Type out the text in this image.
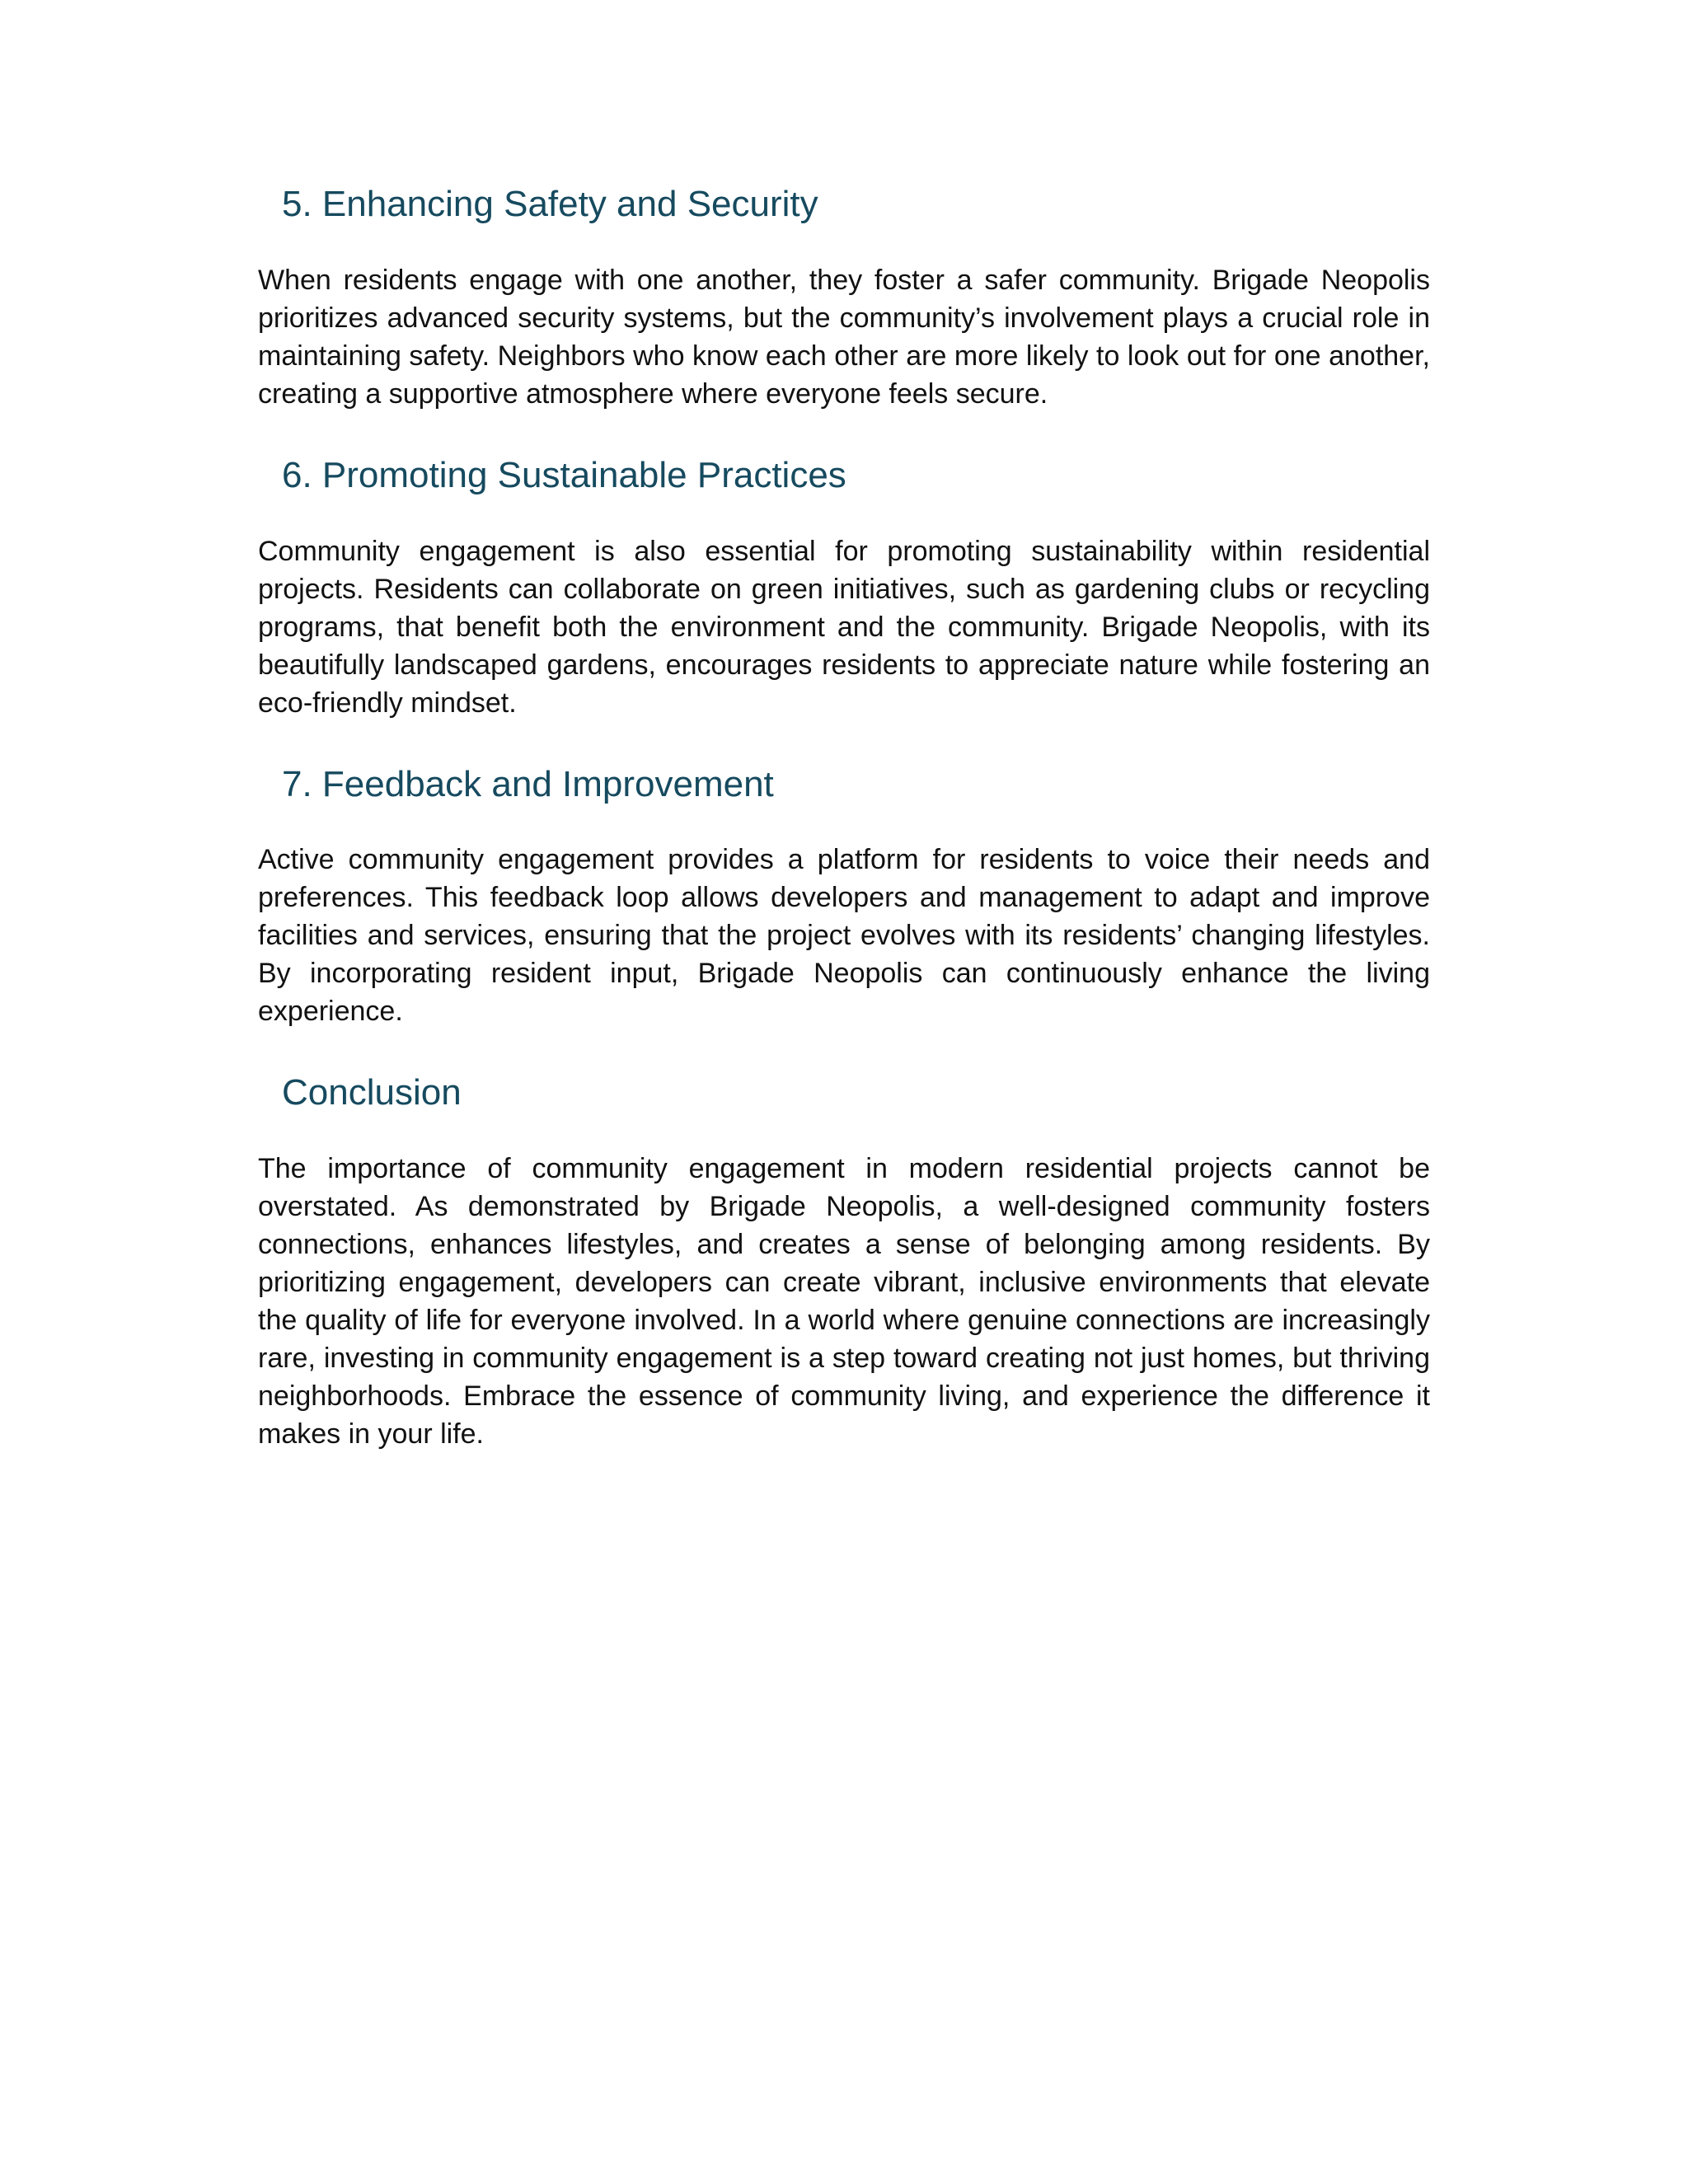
5. Enhancing Safety and Security

When residents engage with one another, they foster a safer community. Brigade Neopolis prioritizes advanced security systems, but the community’s involvement plays a crucial role in maintaining safety. Neighbors who know each other are more likely to look out for one another, creating a supportive atmosphere where everyone feels secure.

6. Promoting Sustainable Practices

Community engagement is also essential for promoting sustainability within residential projects. Residents can collaborate on green initiatives, such as gardening clubs or recycling programs, that benefit both the environment and the community. Brigade Neopolis, with its beautifully landscaped gardens, encourages residents to appreciate nature while fostering an eco-friendly mindset.

7. Feedback and Improvement

Active community engagement provides a platform for residents to voice their needs and preferences. This feedback loop allows developers and management to adapt and improve facilities and services, ensuring that the project evolves with its residents’ changing lifestyles. By incorporating resident input, Brigade Neopolis can continuously enhance the living experience.

Conclusion

The importance of community engagement in modern residential projects cannot be overstated. As demonstrated by Brigade Neopolis, a well-designed community fosters connections, enhances lifestyles, and creates a sense of belonging among residents. By prioritizing engagement, developers can create vibrant, inclusive environments that elevate the quality of life for everyone involved. In a world where genuine connections are increasingly rare, investing in community engagement is a step toward creating not just homes, but thriving neighborhoods. Embrace the essence of community living, and experience the difference it makes in your life.
